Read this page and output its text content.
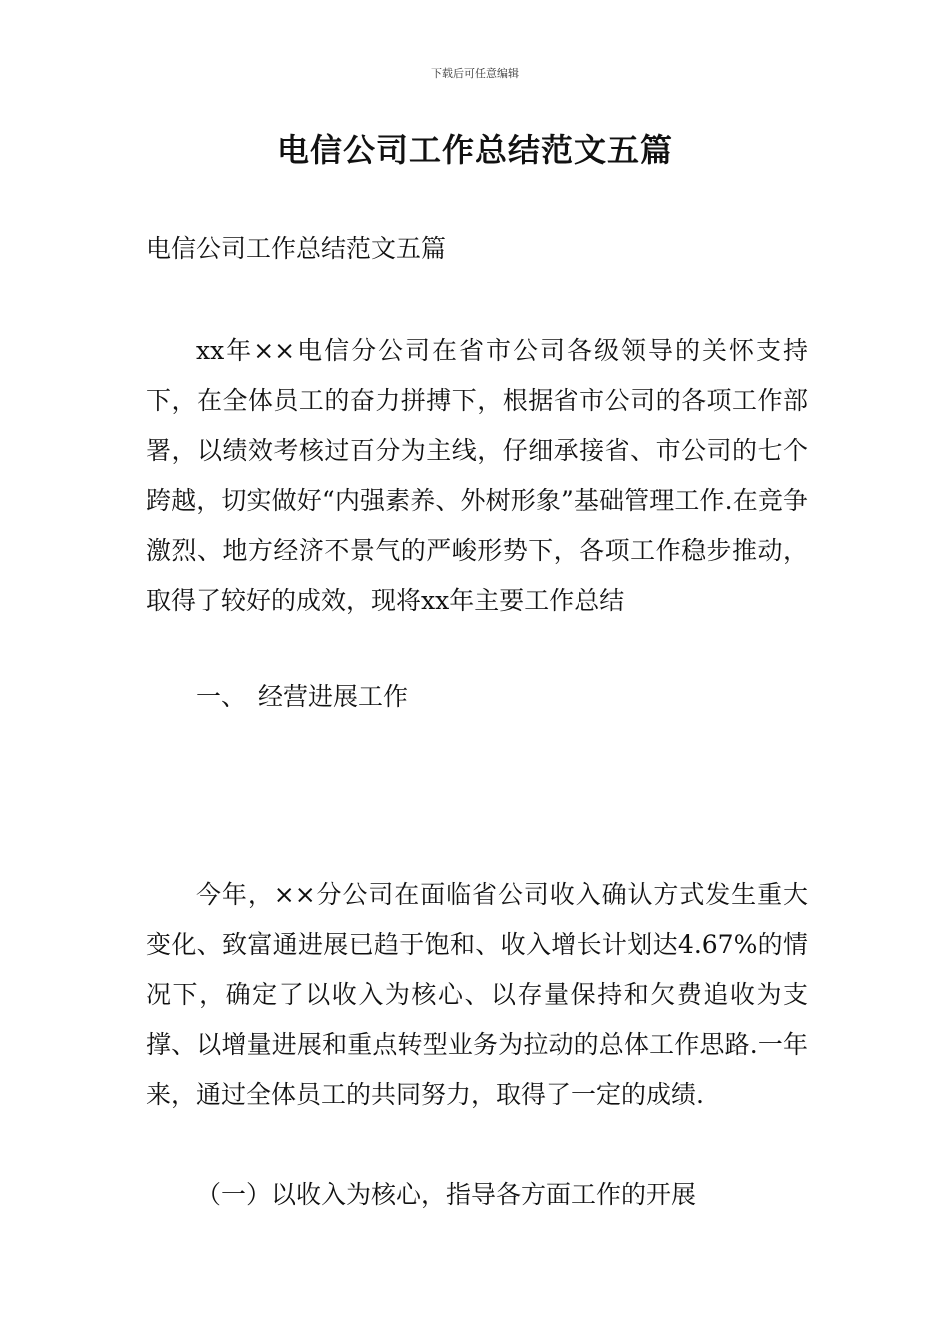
下载后可任意编辑
电信公司工作总结范文五篇

电信公司工作总结范文五篇

xx年××电信分公司在省市公司各级领导的关怀支持下，在全体员工的奋力拼搏下，根据省市公司的各项工作部署，以绩效考核过百分为主线，仔细承接省、市公司的七个跨越，切实做好“内强素养、外树形象”基础管理工作.在竞争激烈、地方经济不景气的严峻形势下，各项工作稳步推动，取得了较好的成效，现将xx年主要工作总结

一、 经营进展工作

今年，××分公司在面临省公司收入确认方式发生重大变化、致富通进展已趋于饱和、收入增长计划达4.67%的情况下，确定了以收入为核心、以存量保持和欠费追收为支撑、以增量进展和重点转型业务为拉动的总体工作思路.一年来，通过全体员工的共同努力，取得了一定的成绩.

（一）以收入为核心，指导各方面工作的开展
